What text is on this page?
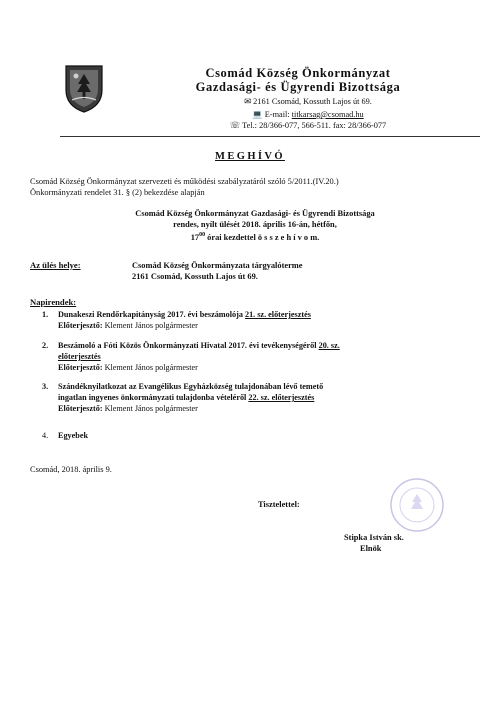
Csomád Község Önkormányzat
Gazdasági- és Ügyrendi Bizottsága
✉ 2161 Csomád, Kossuth Lajos út 69.
💻 E-mail: titkarsag@csomad.hu
☏ Tel.: 28/366-077, 566-511. fax: 28/366-077
MEGHÍVÓ
Csomád Község Önkormányzat szervezeti és működési szabályzatáról szóló 5/2011.(IV.20.)
Önkormányzati rendelet 31. § (2) bekezdése alapján
Csomád Község Önkormányzat Gazdasági- és Ügyrendi Bizottsága
rendes, nyílt ülését 2018. április 16-án, hétfőn,
$17^{00}$ órai kezdettel ö s s z e h í v o m.
Az ülés helye:	Csomád Község Önkormányzata tárgyalóterme
2161 Csomád, Kossuth Lajos út 69.
Napirendek:
1. Dunakeszi Rendőrkapitányság 2017. évi beszámolója 21. sz. előterjesztés
Előterjesztő: Klement János polgármester
2. Beszámoló a Fóti Közös Önkormányzati Hivatal 2017. évi tevékenységéről 20. sz.
előterjesztés
Előterjesztő: Klement János polgármester
3. Szándéknyilatkozat az Evangélikus Egyházközség tulajdonában lévő temető
ingatlan ingyenes önkormányzati tulajdonba vételéről 22. sz. előterjesztés
Előterjesztő: Klement János polgármester
4. Egyebek
Csomád, 2018. április 9.
Tisztelettel:
Stipka István sk.
Elnök
